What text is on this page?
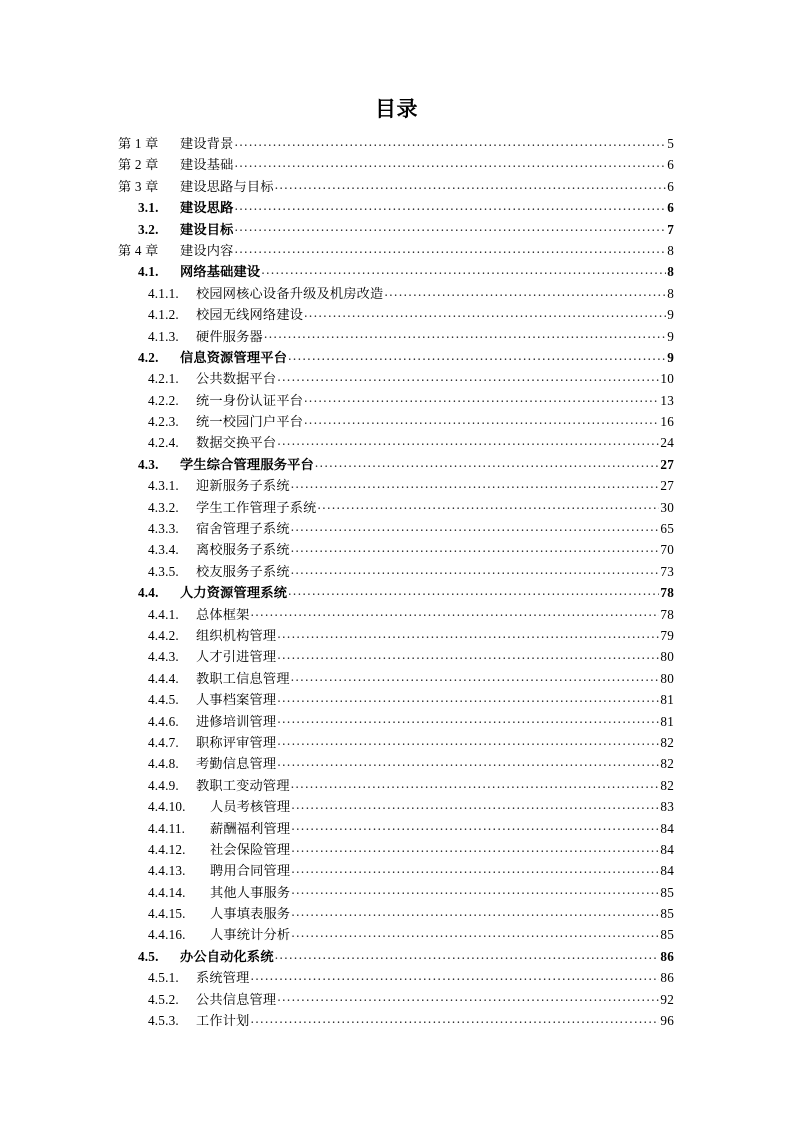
目录
第 1 章	建设背景 . . .	5
第 2 章	建设基础 . . .	6
第 3 章	建设思路与目标 . . .	6
3.1.	建设思路 . . .	6
3.2.	建设目标 . . .	7
第 4 章	建设内容 . . .	8
4.1.	网络基础建设 . . .	8
4.1.1.	校园网核心设备升级及机房改造 . . .	8
4.1.2.	校园无线网络建设 . . .	9
4.1.3.	硬件服务器 . . .	9
4.2.	信息资源管理平台 . . .	9
4.2.1.	公共数据平台 . . .	10
4.2.2.	统一身份认证平台 . . .	13
4.2.3.	统一校园门户平台 . . .	16
4.2.4.	数据交换平台 . . .	24
4.3.	学生综合管理服务平台 . . .	27
4.3.1.	迎新服务子系统 . . .	27
4.3.2.	学生工作管理子系统 . . .	30
4.3.3.	宿舍管理子系统 . . .	65
4.3.4.	离校服务子系统 . . .	70
4.3.5.	校友服务子系统 . . .	73
4.4.	人力资源管理系统 . . .	78
4.4.1.	总体框架 . . .	78
4.4.2.	组织机构管理 . . .	79
4.4.3.	人才引进管理 . . .	80
4.4.4.	教职工信息管理 . . .	80
4.4.5.	人事档案管理 . . .	81
4.4.6.	进修培训管理 . . .	81
4.4.7.	职称评审管理 . . .	82
4.4.8.	考勤信息管理 . . .	82
4.4.9.	教职工变动管理 . . .	82
4.4.10.	人员考核管理 . . .	83
4.4.11.	薪酬福利管理 . . .	84
4.4.12.	社会保险管理 . . .	84
4.4.13.	聘用合同管理 . . .	84
4.4.14.	其他人事服务 . . .	85
4.4.15.	人事填表服务 . . .	85
4.4.16.	人事统计分析 . . .	85
4.5.	办公自动化系统 . . .	86
4.5.1.	系统管理 . . .	86
4.5.2.	公共信息管理 . . .	92
4.5.3.	工作计划 . . .	96
